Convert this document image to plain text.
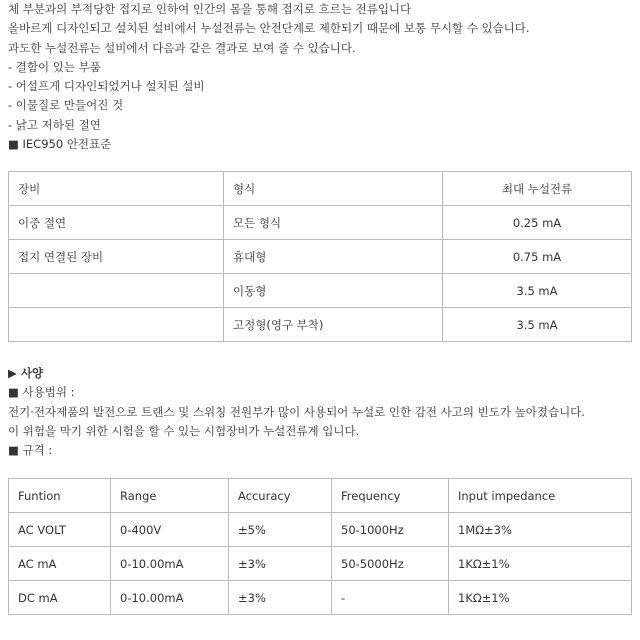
체 부분과의 부적당한 접지로 인하여 인간의 몸을 통해 접지로 흐르는 전류입니다
올바르게 디자인되고 설치된 설비에서 누설전류는 안전단계로 제한되기 때문에 보통 무시할 수 있습니다.
과도한 누설전류는 설비에서 다음과 같은 결과로 보여 줄 수 있습니다.
- 결함이 있는 부품
- 어설프게 디자인되었거나 설치된 설비
- 이물질로 만들어진 것
- 낡고 저하된 절연
■ IEC950 안전표준
장비	형식	최대 누설전류
이중 절연	모든 형식	0.25 mA
접지 연결된 장비	휴대형	0.75 mA
	이동형	3.5 mA
	고정형(영구 부착)	3.5 mA
▶ 사양
■ 사용범위 :
전기·전자제품의 발전으로 트랜스 및 스위칭 전원부가 많이 사용되어 누설로 인한 감전 사고의 빈도가 높아졌습니다.
이 위험을 막기 위한 시험을 할 수 있는 시험장비가 누설전류계 입니다.
■ 규격 :
Funtion	Range	Accuracy	Frequency	Input impedance
AC VOLT	0-400V	±5%	50-1000Hz	1MΩ±3%
AC mA	0-10.00mA	±3%	50-5000Hz	1KΩ±1%
DC mA	0-10.00mA	±3%	-	1KΩ±1%
